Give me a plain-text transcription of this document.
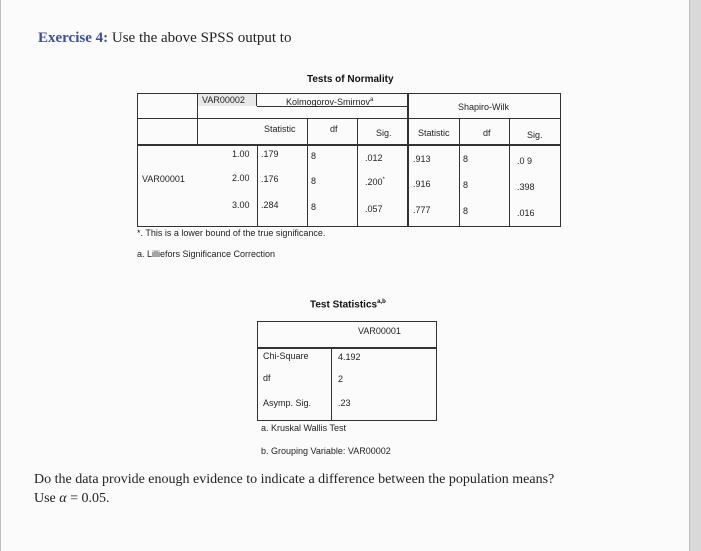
Exercise 4: Use the above SPSS output to
Tests of Normality
VAR00002	Kolmogorov-Smirnov$^a$
Shapiro-Wilk
Statistic	df	Sig.	Statistic	df	Sig.
VAR00001
1.00 .179	8	.012	.913	8	.0 9
2.00 .176	8	.200*	.916	8	.398
3.00 .284	8	.057	.777	8	.016
*. This is a lower bound of the true significance.
a. Lilliefors Significance Correction
Test Statistics$^{a,b}$
VAR00001
Chi-Square	4.192
df	2
Asymp. Sig.	.23
a. Kruskal Wallis Test
b. Grouping Variable: VAR00002
Do the data provide enough evidence to indicate a difference between the population means?
Use α = 0.05.
